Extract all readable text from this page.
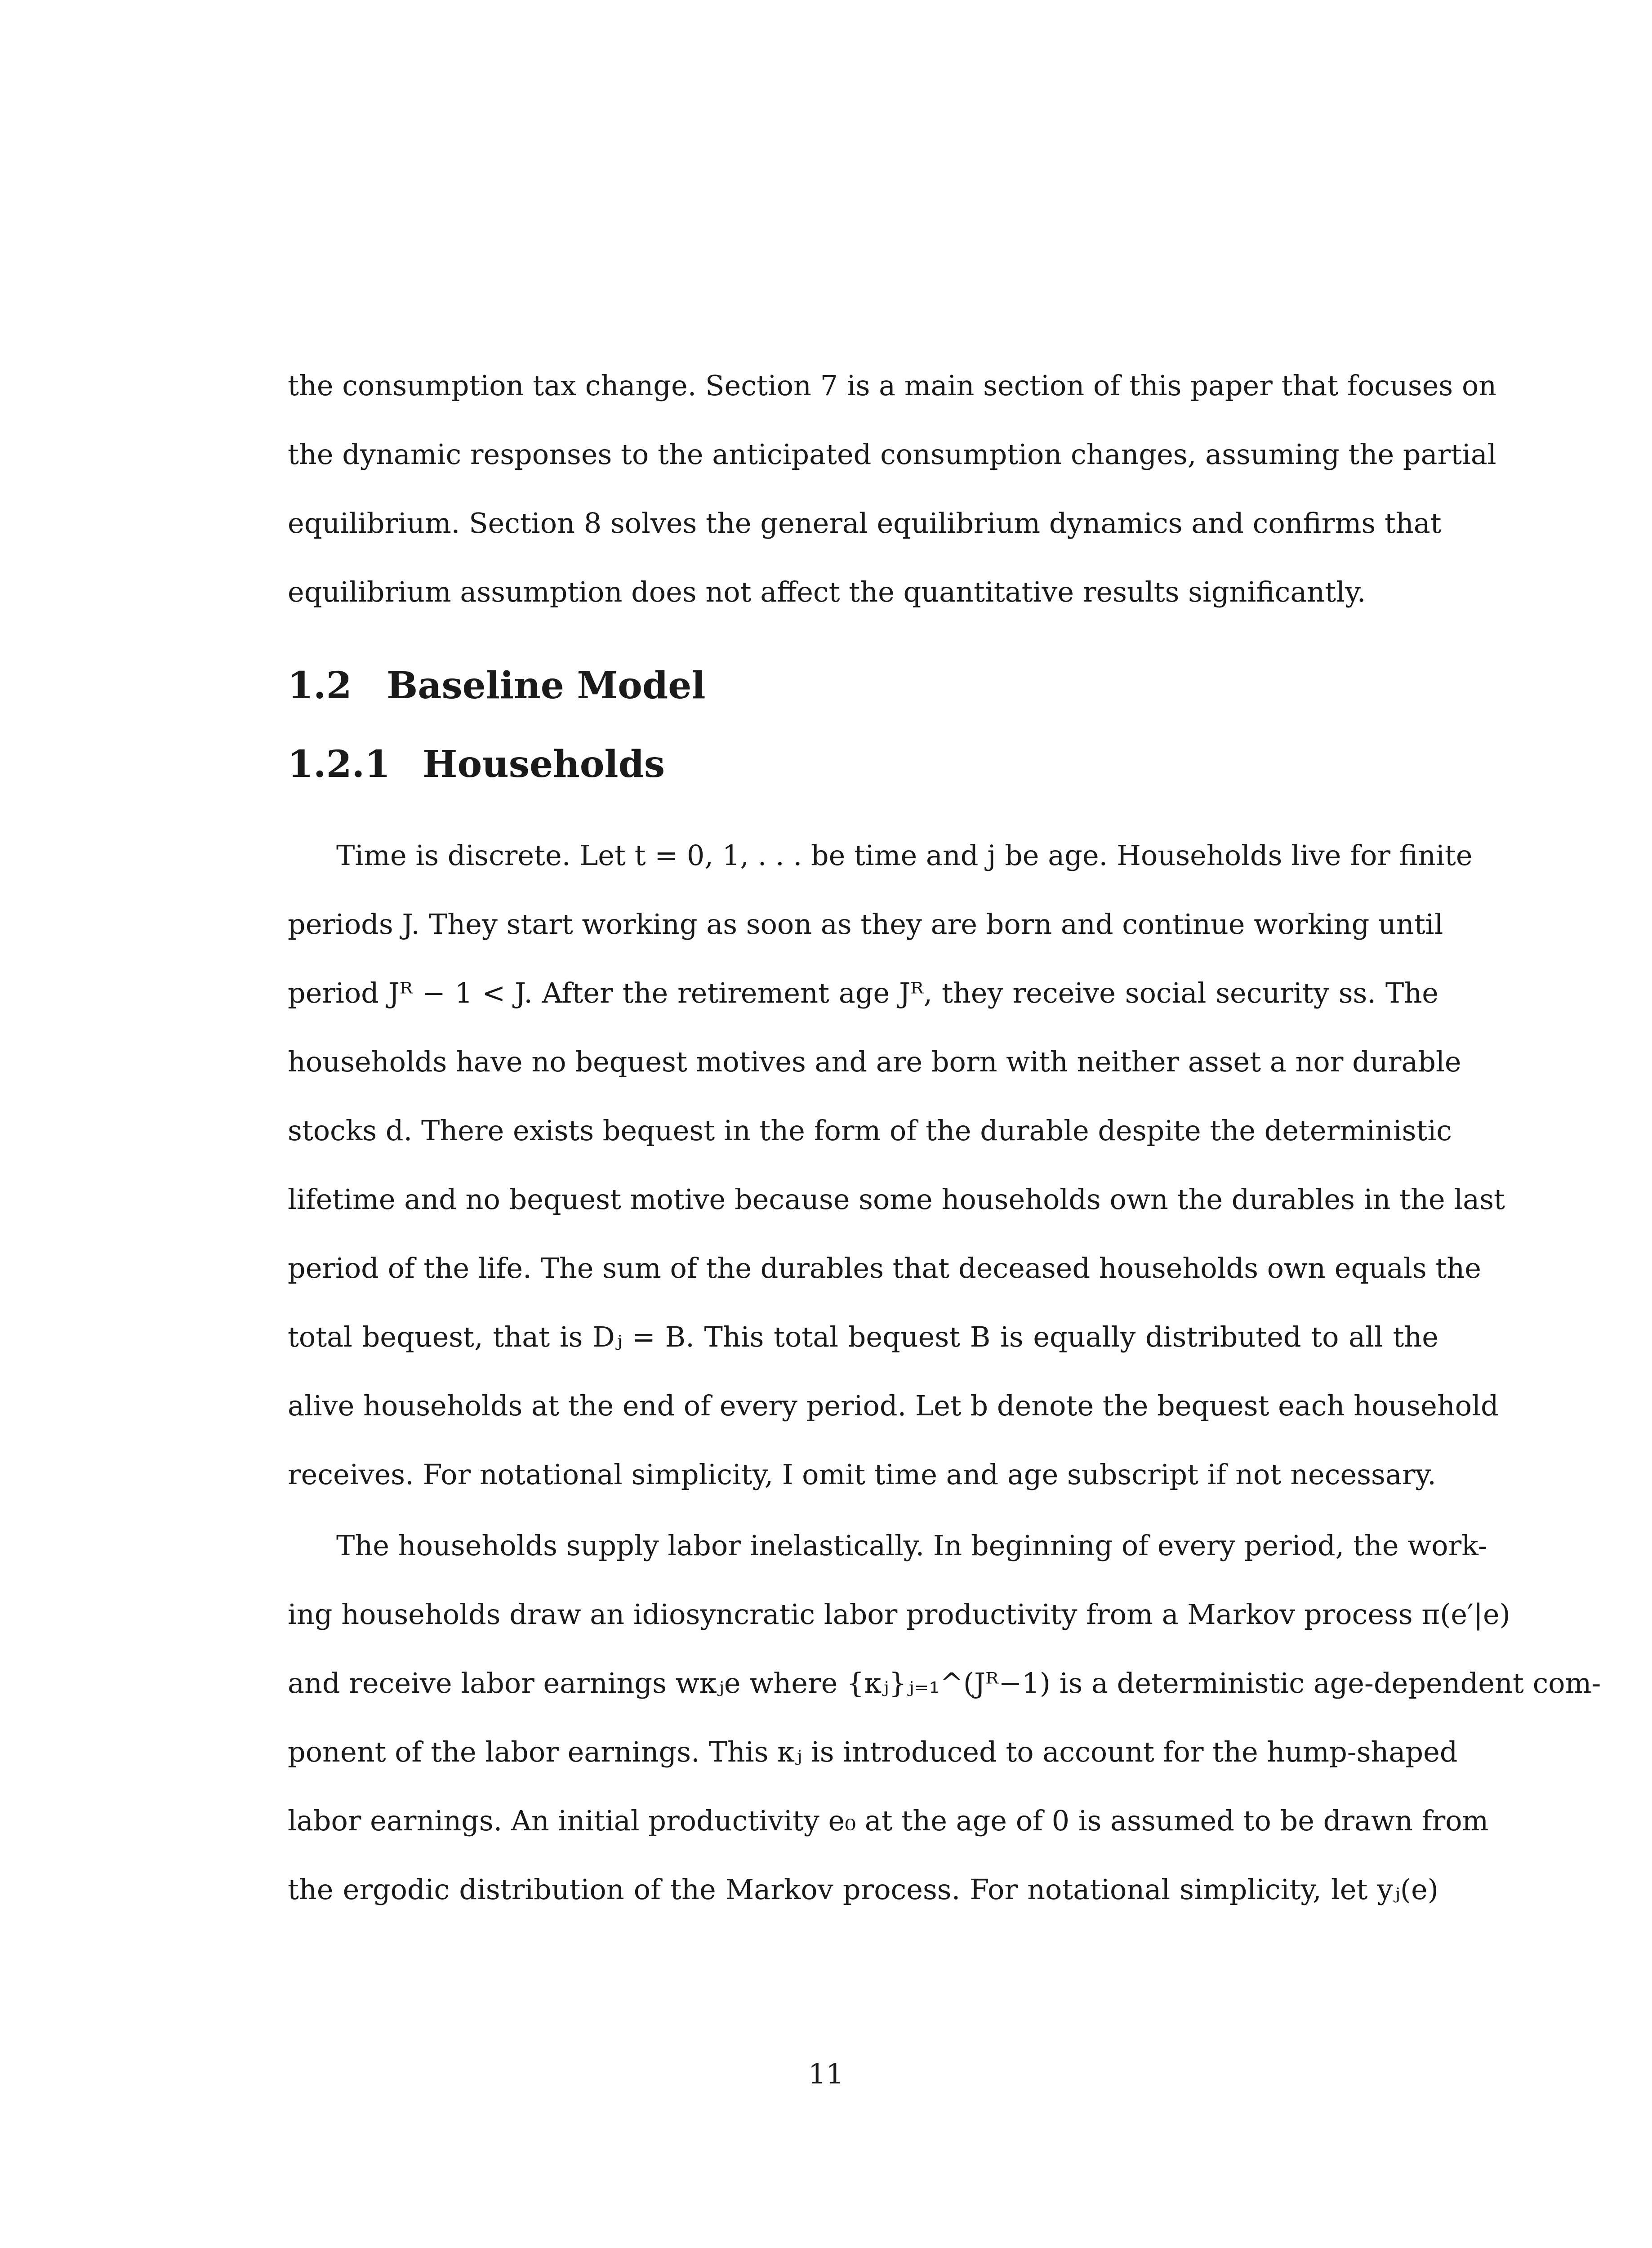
the consumption tax change. Section 7 is a main section of this paper that focuses on
the dynamic responses to the anticipated consumption changes, assuming the partial
equilibrium. Section 8 solves the general equilibrium dynamics and confirms that
equilibrium assumption does not affect the quantitative results significantly.
1.2 Baseline Model
1.2.1 Households
Time is discrete. Let t = 0, 1, . . . be time and j be age. Households live for finite
periods J. They start working as soon as they are born and continue working until
period Jᴿ − 1 < J. After the retirement age Jᴿ, they receive social security ss. The
households have no bequest motives and are born with neither asset a nor durable
stocks d. There exists bequest in the form of the durable despite the deterministic
lifetime and no bequest motive because some households own the durables in the last
period of the life. The sum of the durables that deceased households own equals the
total bequest, that is Dⱼ = B. This total bequest B is equally distributed to all the
alive households at the end of every period. Let b denote the bequest each household
receives. For notational simplicity, I omit time and age subscript if not necessary.
The households supply labor inelastically. In beginning of every period, the work-
ing households draw an idiosyncratic labor productivity from a Markov process π(e′|e)
and receive labor earnings wκⱼe where {κⱼ}ⱼ₌₁^(Jᴿ−1) is a deterministic age-dependent com-
ponent of the labor earnings. This κⱼ is introduced to account for the hump-shaped
labor earnings. An initial productivity e₀ at the age of 0 is assumed to be drawn from
the ergodic distribution of the Markov process. For notational simplicity, let yⱼ(e)
11
